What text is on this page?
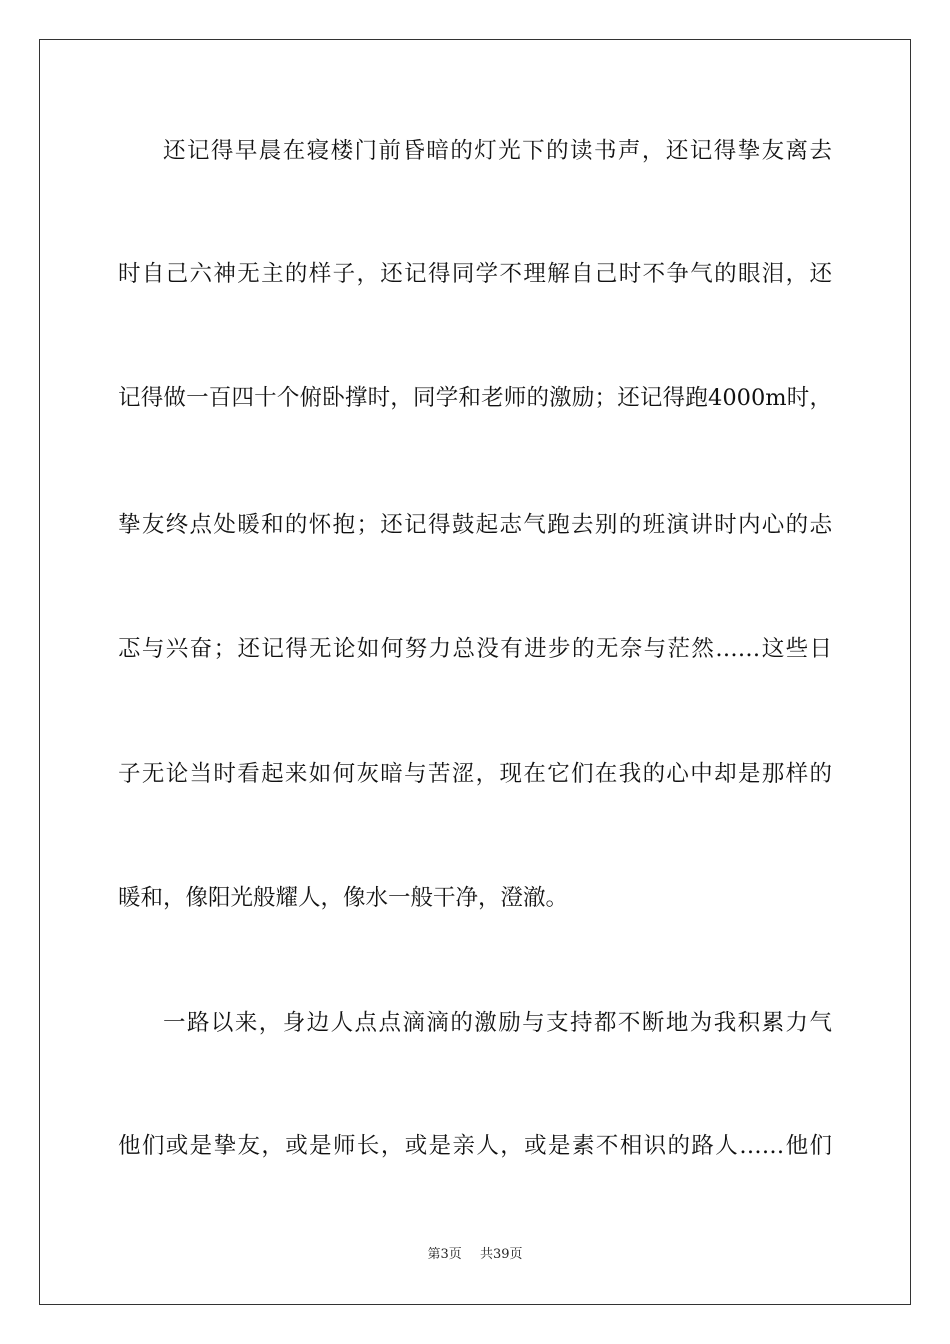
还记得早晨在寝楼门前昏暗的灯光下的读书声，还记得挚友离去
时自己六神无主的样子，还记得同学不理解自己时不争气的眼泪，还
记得做一百四十个俯卧撑时，同学和老师的激励；还记得跑4000m时，
挚友终点处暖和的怀抱；还记得鼓起志气跑去别的班演讲时内心的忐
忑与兴奋；还记得无论如何努力总没有进步的无奈与茫然……这些日
子无论当时看起来如何灰暗与苦涩，现在它们在我的心中却是那样的
暖和，像阳光般耀人，像水一般干净，澄澈。
一路以来，身边人点点滴滴的激励与支持都不断地为我积累力气
他们或是挚友，或是师长，或是亲人，或是素不相识的路人……他们
第3页 共39页
